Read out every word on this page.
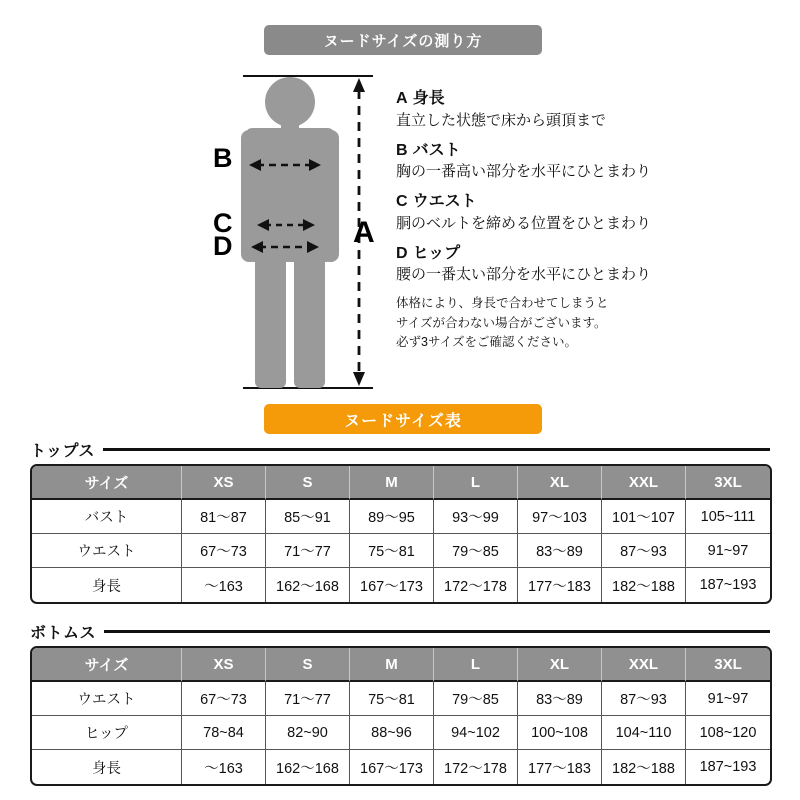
ヌードサイズの測り方
B
C
D	A
A 身長
直立した状態で床から頭頂まで
B バスト
胸の一番高い部分を水平にひとまわり
C ウエスト
胴のベルトを締める位置をひとまわり
D ヒップ
腰の一番太い部分を水平にひとまわり
体格により、身長で合わせてしまうと
サイズが合わない場合がございます。
必ず3サイズをご確認ください。
ヌードサイズ表
トップス
サイズ	XS	S	M	L	XL	XXL	3XL
バスト	81〜87	85〜91	89〜95	93〜99	97〜103	101〜107	105~111
ウエスト	67〜73	71〜77	75〜81	79〜85	83〜89	87〜93	91~97
身長	〜163	162〜168	167〜173	172〜178	177〜183	182〜188	187~193
ボトムス
サイズ	XS	S	M	L	XL	XXL	3XL
ウエスト	67〜73	71〜77	75〜81	79〜85	83〜89	87〜93	91~97
ヒップ	78~84	82~90	88~96	94~102	100~108	104~110	108~120
身長	〜163	162〜168	167〜173	172〜178	177〜183	182〜188	187~193
